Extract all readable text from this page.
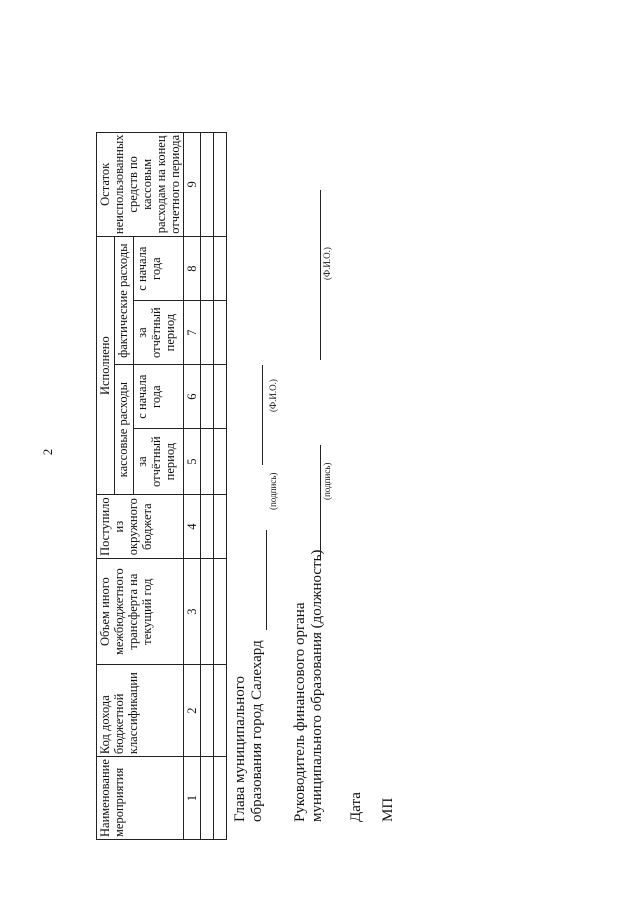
2
Наименование мероприятия	Код дохода бюджетной классификации	Объем иного межбюджетного трансферта на текущий год	Поступило из окружного бюджета	Исполнено				Остаток неиспользованных средств по кассовым расходам на конец отчетного периода
				кассовые расходы		фактические расходы		
				за отчётный период	с начала года	за отчётный период	с начала года	
1	2	3	4	5	6	7	8	9

Глава муниципального образования город Салехард
(подпись)
(Ф.И.О.)
Руководитель финансового органа муниципального образования (должность)
(подпись)
(Ф.И.О.)
Дата МП
